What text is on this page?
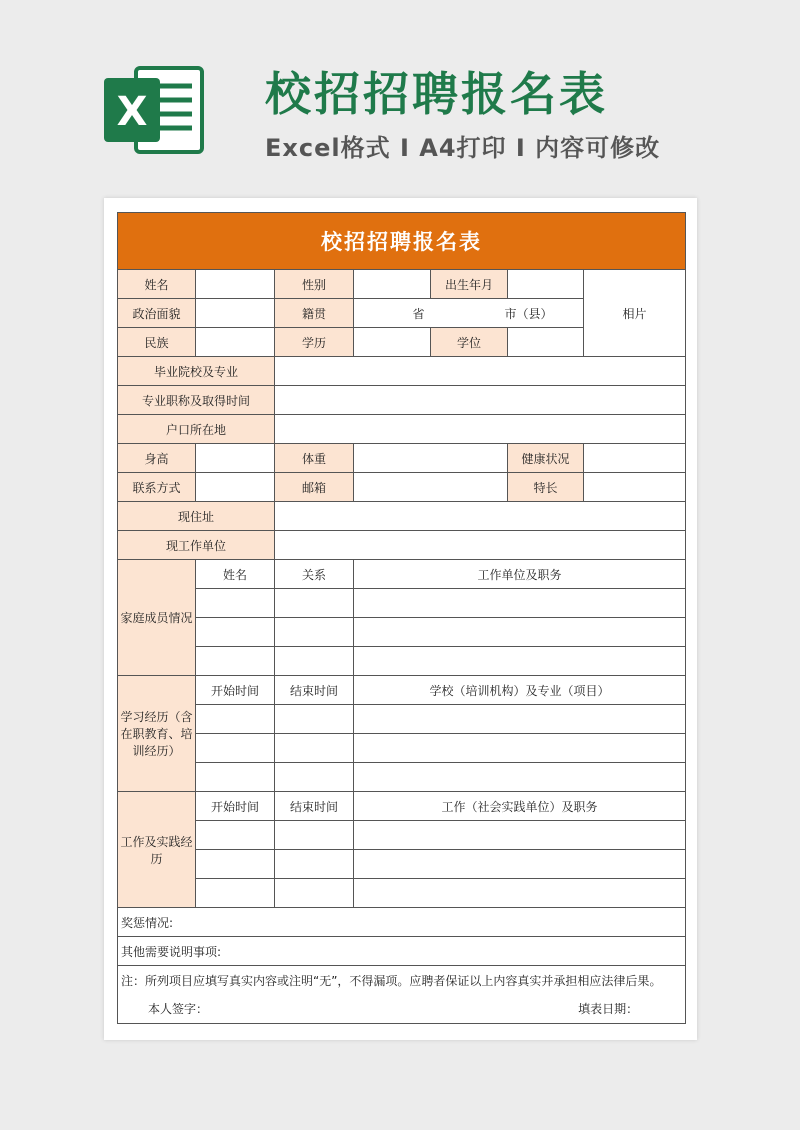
X	校招招聘报名表
Excel格式 I A4打印 I 内容可修改
校招招聘报名表						
姓名		性别		出生年月		相片
政治面貌		籍贯	省 市（县）			
民族		学历		学位		
毕业院校及专业						
专业职称及取得时间						
户口所在地						
身高		体重			健康状况	
联系方式		邮箱			特长	
现住址						
现工作单位						
家庭成员情况	姓名	关系	工作单位及职务			

学习经历（含在职教育、培训经历）	开始时间	结束时间	学校（培训机构）及专业（项目）			

工作及实践经历	开始时间	结束时间	工作（社会实践单位）及职务			

奖惩情况:						
其他需要说明事项:						
注：所列项目应填写真实内容或注明“无”，不得漏项。应聘者保证以上内容真实并承担相应法律后果。						

本人签字： 填表日期：						
